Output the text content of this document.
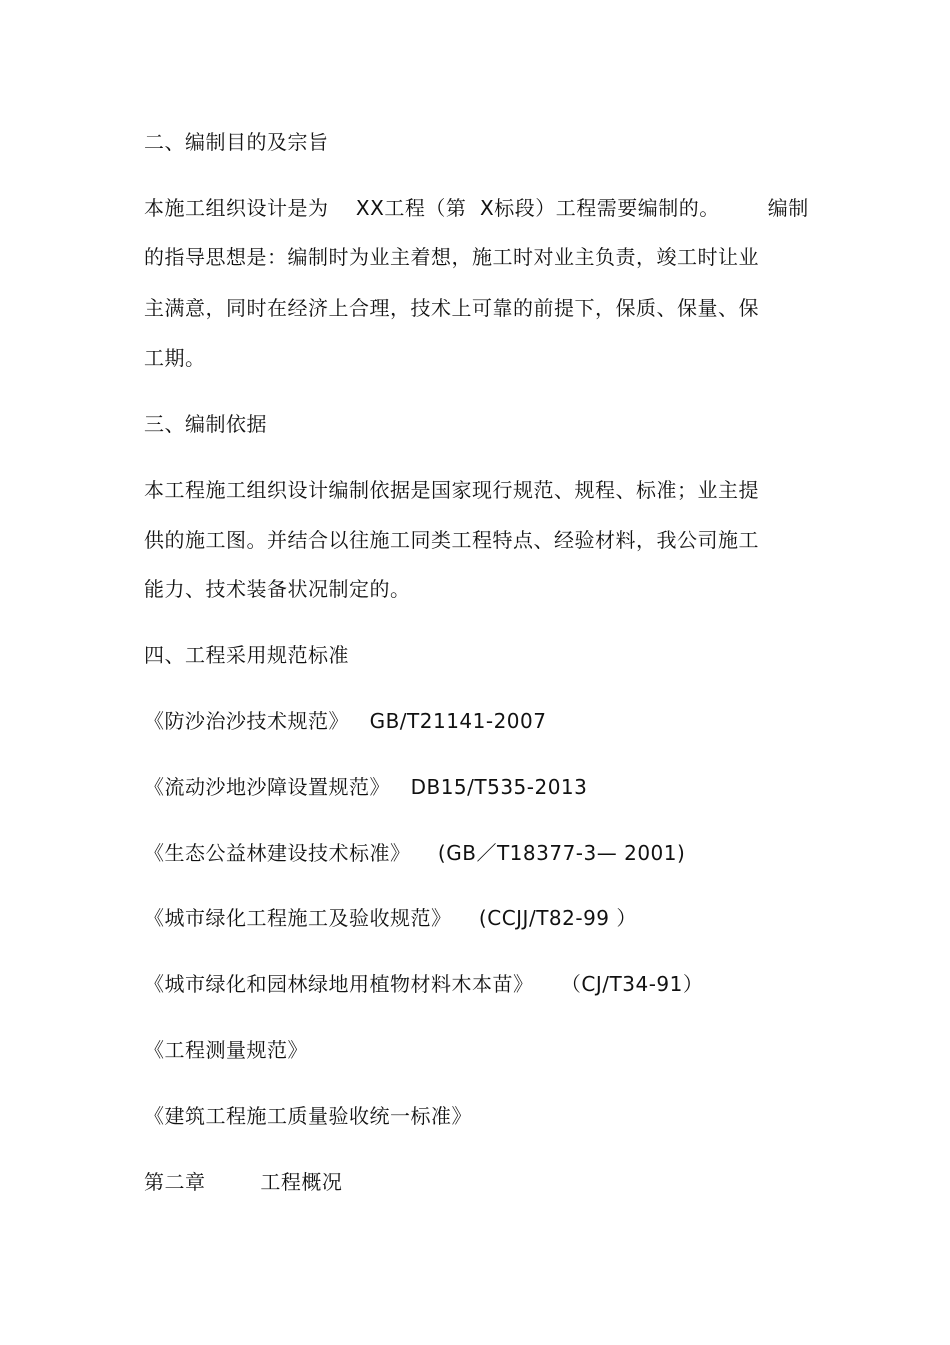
二、编制目的及宗旨
本施工组织设计是为    XX工程（第  X标段）工程需要编制的。       编制
的指导思想是：编制时为业主着想，施工时对业主负责，竣工时让业
主满意，同时在经济上合理，技术上可靠的前提下，保质、保量、保
工期。
三、编制依据
本工程施工组织设计编制依据是国家现行规范、规程、标准；业主提
供的施工图。并结合以往施工同类工程特点、经验材料，我公司施工
能力、技术装备状况制定的。
四、工程采用规范标准
《防沙治沙技术规范》   GB/T21141-2007
《流动沙地沙障设置规范》   DB15/T535-2013
《生态公益林建设技术标准》    (GB／T18377-3— 2001)
《城市绿化工程施工及验收规范》    (CCJJ/T82-99 ）
《城市绿化和园林绿地用植物材料木本苗》    （CJ/T34-91）
《工程测量规范》
《建筑工程施工质量验收统一标准》
第二章        工程概况
